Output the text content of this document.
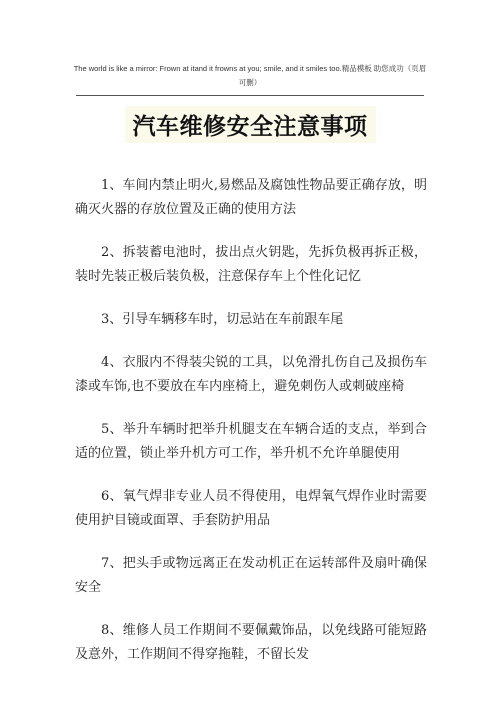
The world is like a mirror: Frown at itand it frowns at you; smile, and it smiles too.精品模板 助您成功（页眉
可删）
汽车维修安全注意事项

1、车间内禁止明火,易燃品及腐蚀性物品要正确存放，明确灭火器的存放位置及正确的使用方法

2、拆装蓄电池时，拔出点火钥匙，先拆负极再拆正极，装时先装正极后装负极，注意保存车上个性化记忆

3、引导车辆移车时，切忌站在车前跟车尾

4、衣服内不得装尖锐的工具，以免滑扎伤自己及损伤车漆或车饰,也不要放在车内座椅上，避免刺伤人或刺破座椅

5、举升车辆时把举升机腿支在车辆合适的支点，举到合适的位置，锁止举升机方可工作，举升机不允许单腿使用

6、氧气焊非专业人员不得使用，电焊氧气焊作业时需要使用护目镜或面罩、手套防护用品

7、把头手或物远离正在发动机正在运转部件及扇叶确保安全

8、维修人员工作期间不要佩戴饰品，以免线路可能短路及意外，工作期间不得穿拖鞋，不留长发
